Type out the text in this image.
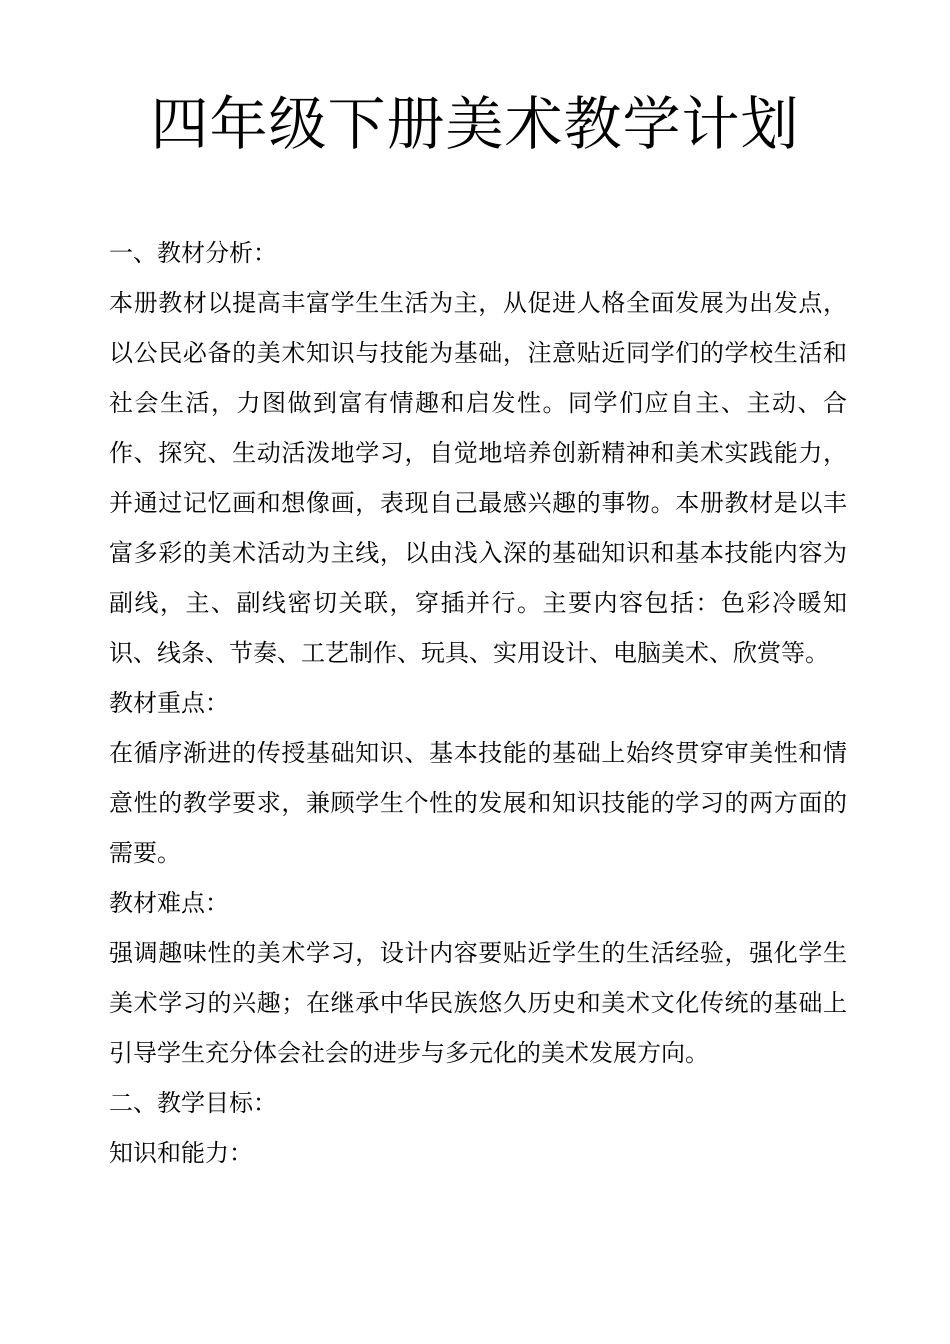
四年级下册美术教学计划

一、教材分析：

本册教材以提高丰富学生生活为主，从促进人格全面发展为出发点，以公民必备的美术知识与技能为基础，注意贴近同学们的学校生活和社会生活，力图做到富有情趣和启发性。同学们应自主、主动、合作、探究、生动活泼地学习，自觉地培养创新精神和美术实践能力，并通过记忆画和想像画，表现自己最感兴趣的事物。本册教材是以丰富多彩的美术活动为主线，以由浅入深的基础知识和基本技能内容为副线，主、副线密切关联，穿插并行。主要内容包括：色彩冷暖知识、线条、节奏、工艺制作、玩具、实用设计、电脑美术、欣赏等。

教材重点：

在循序渐进的传授基础知识、基本技能的基础上始终贯穿审美性和情意性的教学要求，兼顾学生个性的发展和知识技能的学习的两方面的需要。

教材难点：

强调趣味性的美术学习，设计内容要贴近学生的生活经验，强化学生美术学习的兴趣；在继承中华民族悠久历史和美术文化传统的基础上引导学生充分体会社会的进步与多元化的美术发展方向。

二、教学目标：

知识和能力：
